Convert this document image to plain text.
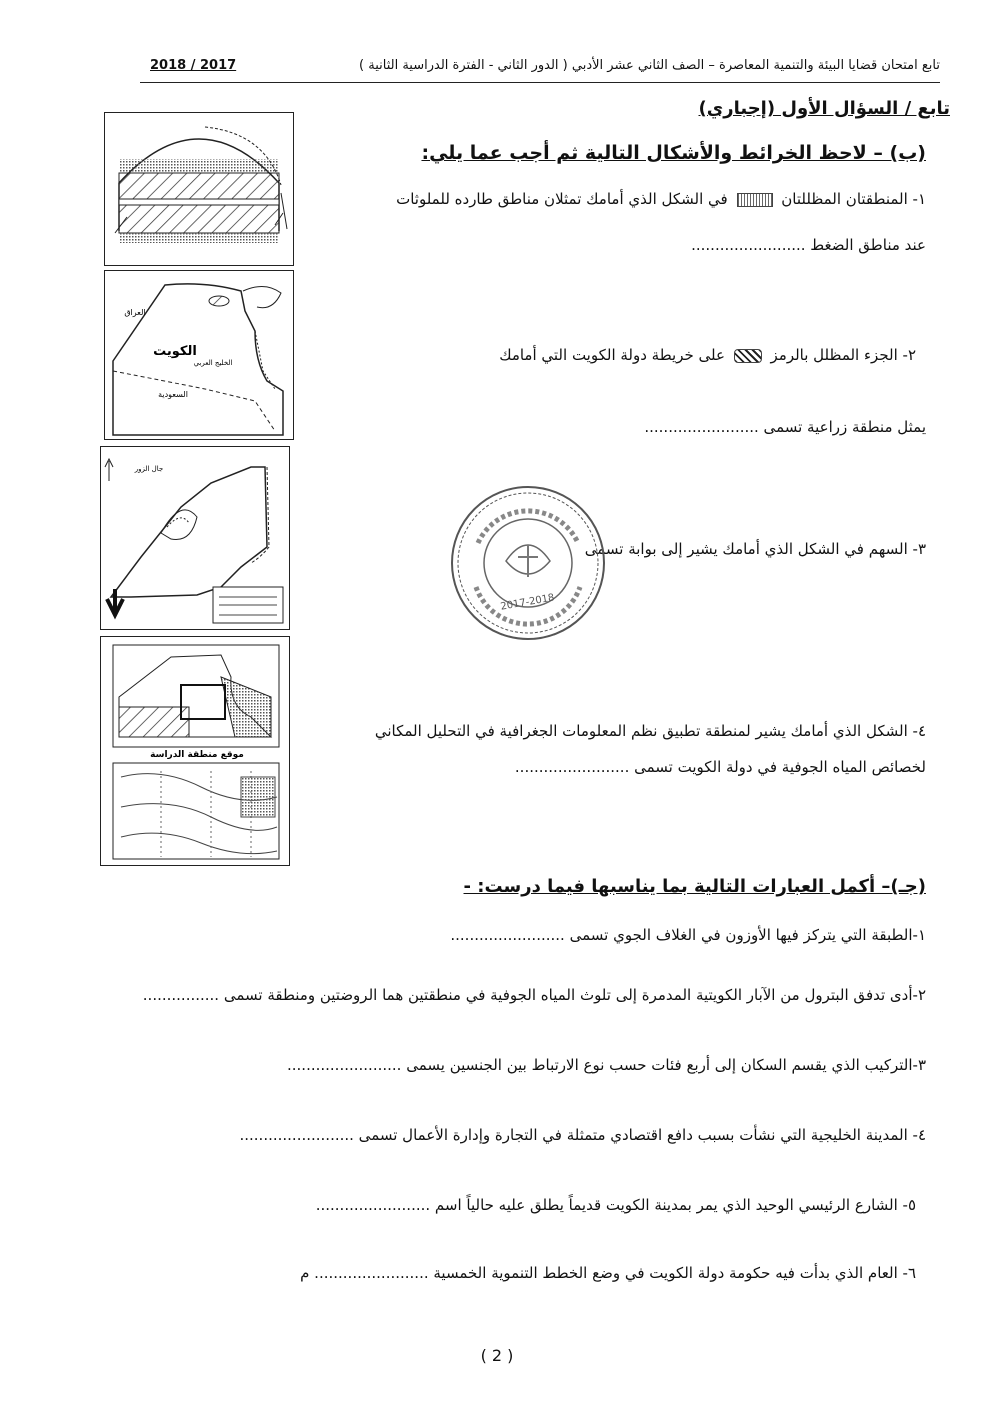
تابع امتحان قضايا البيئة والتنمية المعاصرة – الصف الثاني عشر الأدبي ( الدور الثاني - الفترة الدراسية الثانية )
2018 / 2017
تابع / السؤال الأول (إجباري)
(ب) – لاحظ الخرائط والأشكال التالية ثم أجب عما يلي:
١- المنطقتان المظللتان  في الشكل الذي أمامك تمثلان مناطق طارده للملوثات
عند مناطق الضغط ........................
٢- الجزء المظلل بالرمز  على خريطة دولة الكويت التي أمامك
يمثل منطقة زراعية تسمى ........................
٣- السهم في الشكل الذي أمامك يشير إلى بوابة تسمى
٤- الشكل الذي أمامك يشير لمنطقة تطبيق نظم المعلومات الجغرافية في التحليل المكاني
لخصائص المياه الجوفية في دولة الكويت تسمى ........................
2017-2018
الكويت
العراق
السعودية
الخليج العربي
جال الزور
موقع منطقة الدراسة
(جـ)– أكمل العبارات التالية بما يناسبها فيما درست: -
١-الطبقة التي يتركز فيها الأوزون في الغلاف الجوي تسمى ........................
٢-أدى تدفق البترول من الآبار الكويتية المدمرة إلى تلوث المياه الجوفية في منطقتين هما الروضتين ومنطقة تسمى ................
٣-التركيب الذي يقسم السكان إلى أربع فئات حسب نوع الارتباط بين الجنسين يسمى ........................
٤- المدينة الخليجية التي نشأت بسبب دافع اقتصادي متمثلة في التجارة وإدارة الأعمال تسمى ........................
٥- الشارع الرئيسي الوحيد الذي يمر بمدينة الكويت قديماً يطلق عليه حالياً اسم ........................
٦- العام الذي بدأت فيه حكومة دولة الكويت في وضع الخطط التنموية الخمسية ........................ م
( 2 )
